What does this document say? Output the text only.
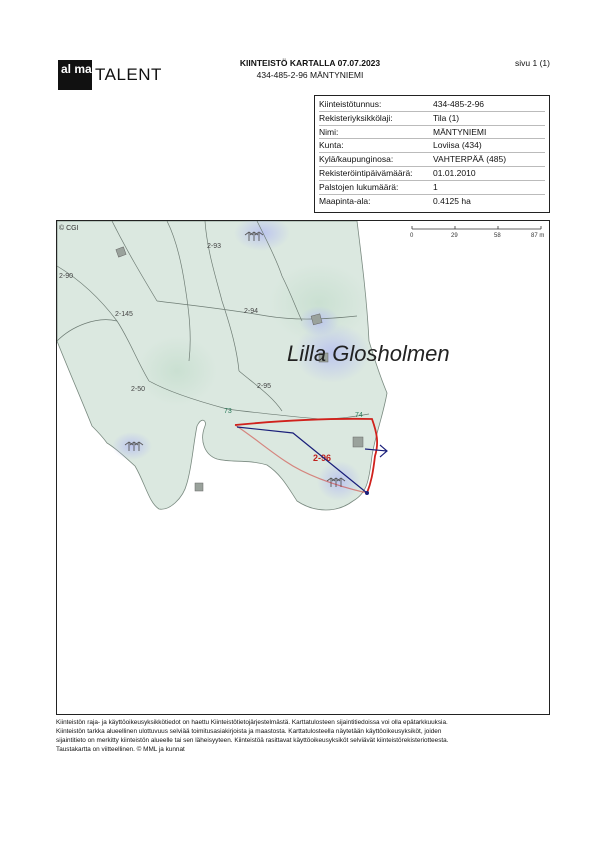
al ma TALENT
KIINTEISTÖ KARTALLA 07.07.2023
434-485-2-96 MÄNTYNIEMI
sivu 1 (1)
Kiinteistötunnus:	434-485-2-96
Rekisteriyksikkölaji:	Tila (1)
Nimi:	MÄNTYNIEMI
Kunta:	Loviisa (434)
Kylä/kaupunginosa:	VAHTERPÄÄ (485)
Rekisteröintipäivämäärä:	01.01.2010
Palstojen lukumäärä:	1
Maapinta-ala:	0.4125 ha
2-93
2-90
2-145	2-94
2-50	2-95
2-96
73
74
Lilla Glosholmen
© CGI
0	29	58	87 m
Kiinteistön raja- ja käyttöoikeusyksikkötiedot on haettu Kiinteistötietojärjestelmästä. Karttatulosteen sijaintitiedoissa voi olla epätarkkuuksia.
Kiinteistön tarkka alueellinen ulottuvuus selviää toimitusasiakirjoista ja maastosta. Karttatulosteella näytetään käyttöoikeusyksiköt, joiden
sijaintitieto on merkitty kiinteistön alueelle tai sen läheisyyteen. Kiinteistöä rasittavat käyttöoikeusyksiköt selviävät kiinteistörekisteriotteesta.
Taustakartta on viitteellinen. © MML ja kunnat
